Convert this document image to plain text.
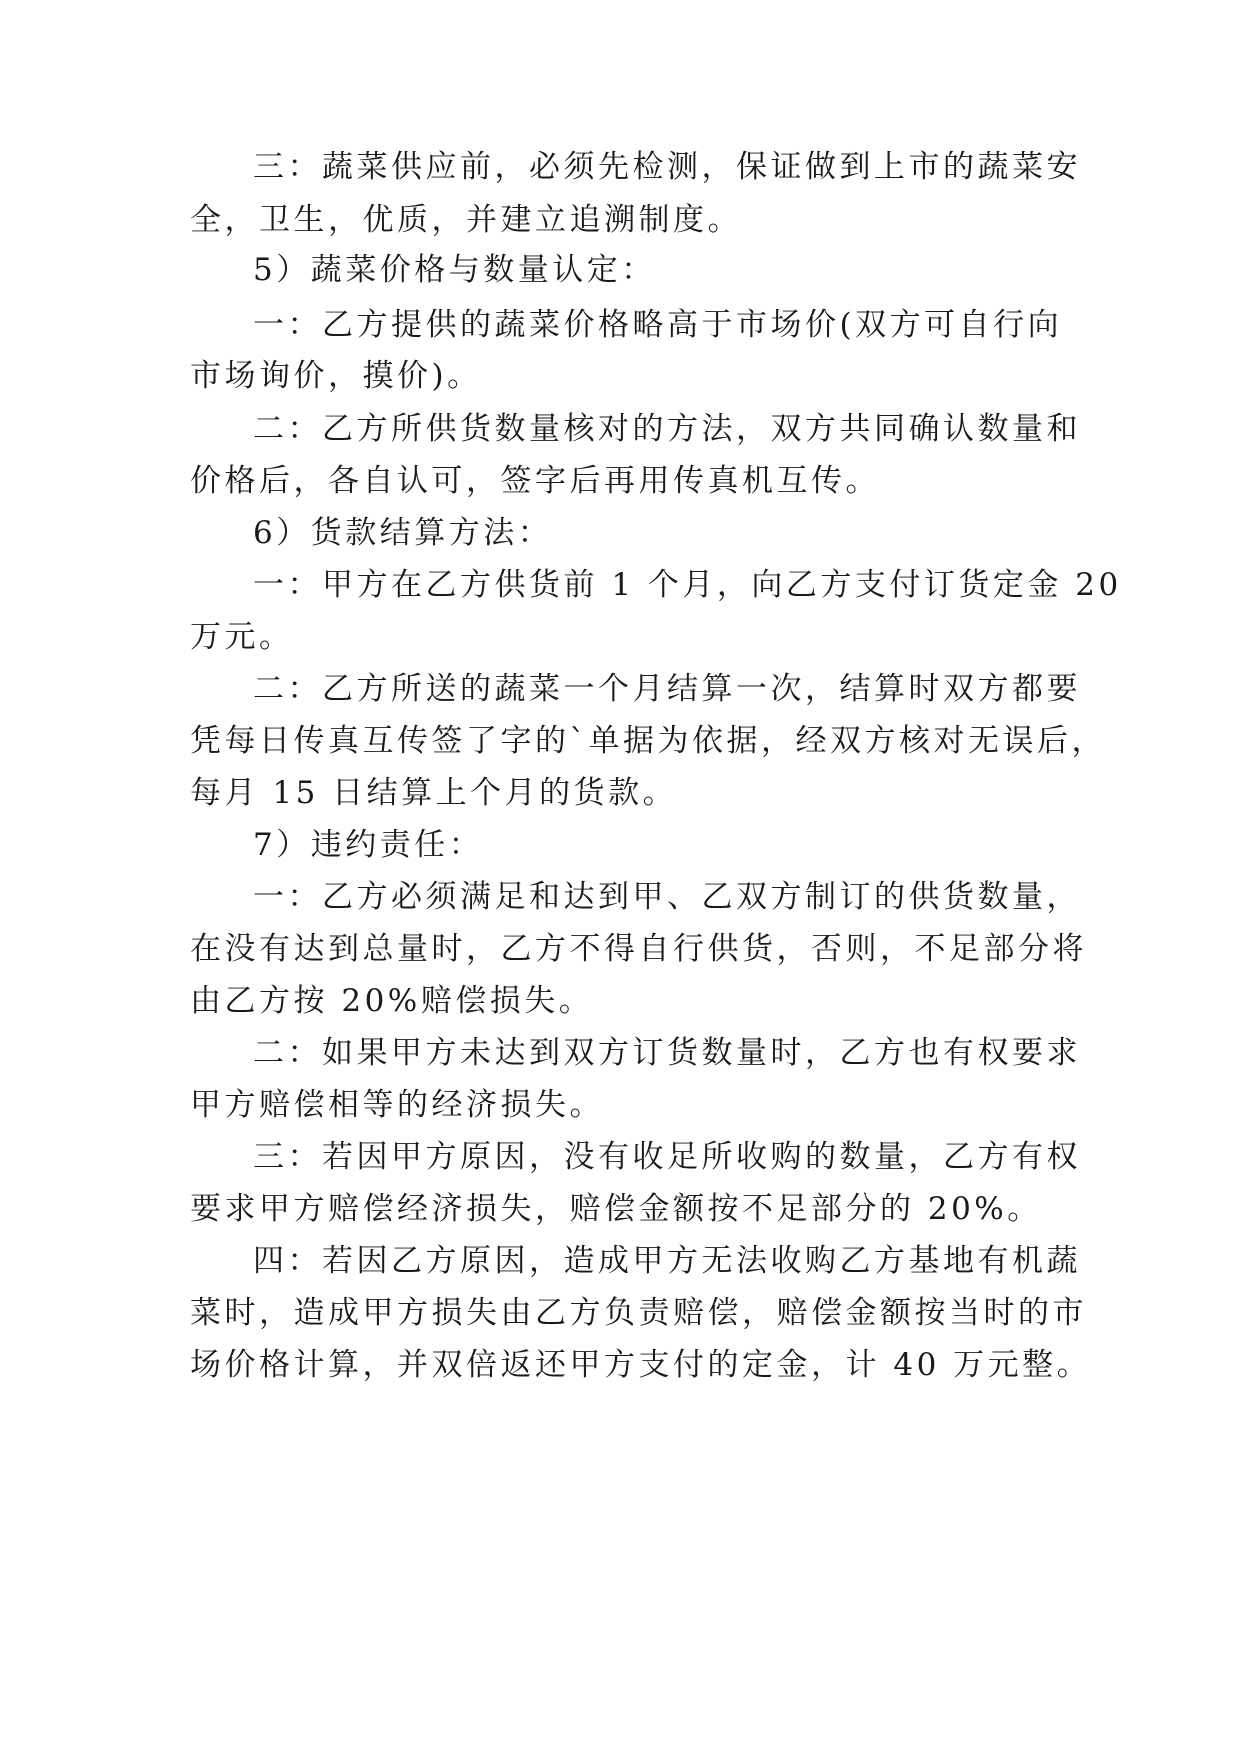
三：蔬菜供应前，必须先检测，保证做到上市的蔬菜安
全，卫生，优质，并建立追溯制度。
5）蔬菜价格与数量认定：
一：乙方提供的蔬菜价格略高于市场价(双方可自行向
市场询价，摸价)。
二：乙方所供货数量核对的方法，双方共同确认数量和
价格后，各自认可，签字后再用传真机互传。
6）货款结算方法：
一：甲方在乙方供货前 1 个月，向乙方支付订货定金 20
万元。
二：乙方所送的蔬菜一个月结算一次，结算时双方都要
凭每日传真互传签了字的`单据为依据，经双方核对无误后，
每月 15 日结算上个月的货款。
7）违约责任：
一：乙方必须满足和达到甲、乙双方制订的供货数量，
在没有达到总量时，乙方不得自行供货，否则，不足部分将
由乙方按 20%赔偿损失。
二：如果甲方未达到双方订货数量时，乙方也有权要求
甲方赔偿相等的经济损失。
三：若因甲方原因，没有收足所收购的数量，乙方有权
要求甲方赔偿经济损失，赔偿金额按不足部分的 20%。
四：若因乙方原因，造成甲方无法收购乙方基地有机蔬
菜时，造成甲方损失由乙方负责赔偿，赔偿金额按当时的市
场价格计算，并双倍返还甲方支付的定金，计 40 万元整。
